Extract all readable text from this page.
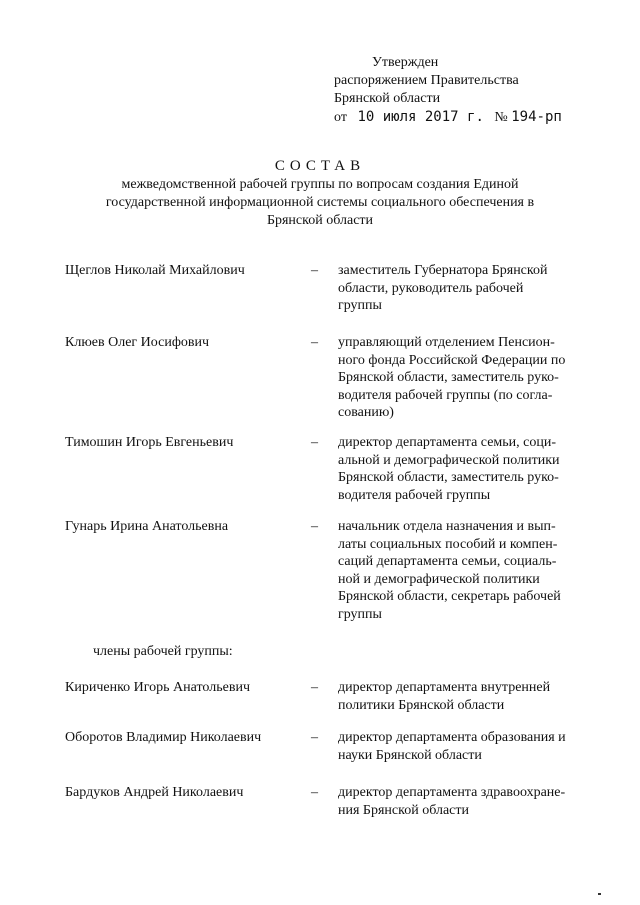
Утвержден
распоряжением Правительства
Брянской области
от 10 июля 2017 г. № 194-рп
СОСТАВ
межведомственной рабочей группы по вопросам создания Единой
государственной информационной системы социального обеспечения в
Брянской области
Щеглов Николай Михайлович	–	заместитель Губернатора Брянской
области, руководитель рабочей
группы
Клюев Олег Иосифович	–	управляющий отделением Пенсион-
ного фонда Российской Федерации по
Брянской области, заместитель руко-
водителя рабочей группы (по согла-
сованию)
Тимошин Игорь Евгеньевич	–	директор департамента семьи, соци-
альной и демографической политики
Брянской области, заместитель руко-
водителя рабочей группы
Гунарь Ирина Анатольевна	–	начальник отдела назначения и вып-
латы социальных пособий и компен-
саций департамента семьи, социаль-
ной и демографической политики
Брянской области, секретарь рабочей
группы
Кириченко Игорь Анатольевич	–	директор департамента внутренней
политики Брянской области
Оборотов Владимир Николаевич	–	директор департамента образования и
науки Брянской области
Бардуков Андрей Николаевич	–	директор департамента здравоохране-
ния Брянской области
члены рабочей группы:
